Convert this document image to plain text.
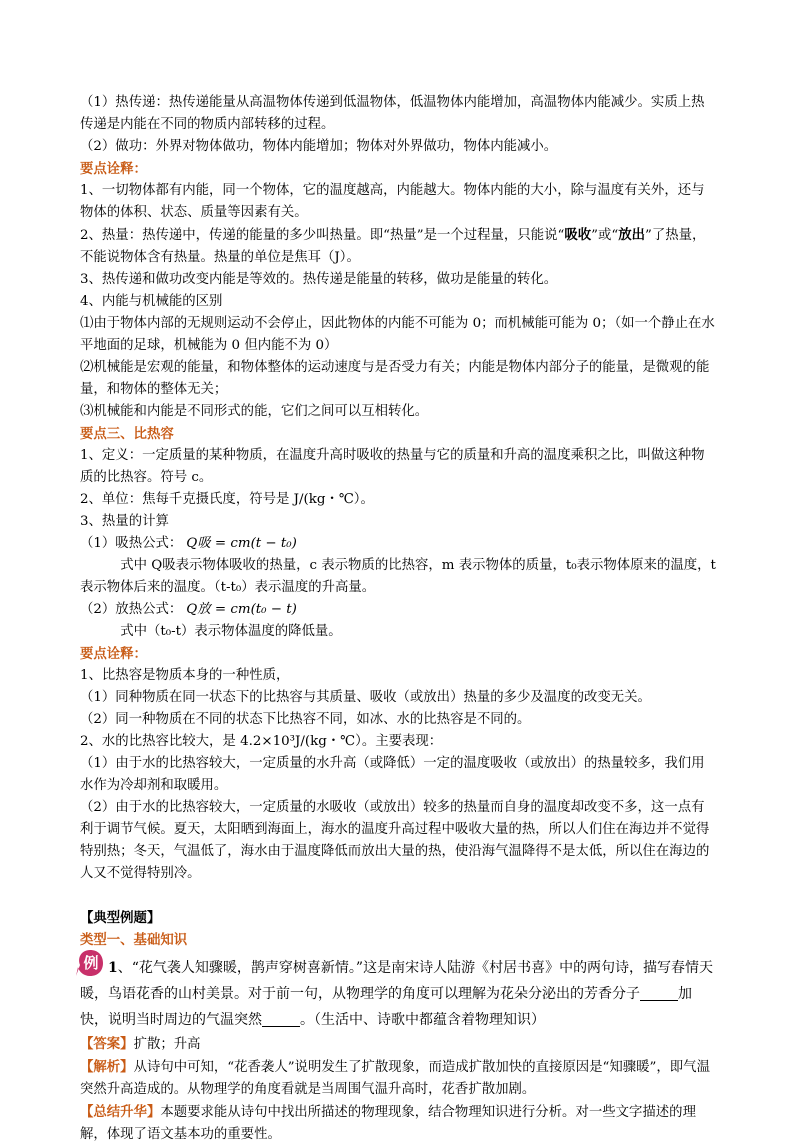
（1）热传递：热传递能量从高温物体传递到低温物体，低温物体内能增加，高温物体内能减少。实质上热传递是内能在不同的物质内部转移的过程。

（2）做功：外界对物体做功，物体内能增加；物体对外界做功，物体内能减小。

要点诠释：

1、一切物体都有内能，同一个物体，它的温度越高，内能越大。物体内能的大小，除与温度有关外，还与物体的体积、状态、质量等因素有关。

2、热量：热传递中，传递的能量的多少叫热量。即“热量”是一个过程量，只能说“吸收”或“放出”了热量，不能说物体含有热量。热量的单位是焦耳（J）。

3、热传递和做功改变内能是等效的。热传递是能量的转移，做功是能量的转化。

4、内能与机械能的区别

⑴由于物体内部的无规则运动不会停止，因此物体的内能不可能为 0；而机械能可能为 0；（如一个静止在水平地面的足球，机械能为 0 但内能不为 0）

⑵机械能是宏观的能量，和物体整体的运动速度与是否受力有关；内能是物体内部分子的能量，是微观的能量，和物体的整体无关；

⑶机械能和内能是不同形式的能，它们之间可以互相转化。

要点三、比热容

1、定义：一定质量的某种物质，在温度升高时吸收的热量与它的质量和升高的温度乘积之比，叫做这种物质的比热容。符号 c。

2、单位：焦每千克摄氏度，符号是 J/(kg・℃）。

3、热量的计算

（1）吸热公式： Q吸 = cm(t − t₀)

式中 Q吸表示物体吸收的热量，c 表示物质的比热容，m 表示物体的质量，t₀表示物体原来的温度，t 表示物体后来的温度。（t-t₀）表示温度的升高量。

（2）放热公式： Q放 = cm(t₀ − t)

式中（t₀-t）表示物体温度的降低量。

要点诠释：

1、比热容是物质本身的一种性质，

（1）同种物质在同一状态下的比热容与其质量、吸收（或放出）热量的多少及温度的改变无关。

（2）同一种物质在不同的状态下比热容不同，如冰、水的比热容是不同的。

2、水的比热容比较大，是 4.2×10³J/(kg・℃）。主要表现：

（1）由于水的比热容较大，一定质量的水升高（或降低）一定的温度吸收（或放出）的热量较多，我们用水作为冷却剂和取暖用。

（2）由于水的比热容较大，一定质量的水吸收（或放出）较多的热量而自身的温度却改变不多，这一点有利于调节气候。夏天，太阳晒到海面上，海水的温度升高过程中吸收大量的热，所以人们住在海边并不觉得特别热；冬天，气温低了，海水由于温度降低而放出大量的热，使沿海气温降得不是太低，所以住在海边的人又不觉得特别冷。

【典型例题】

类型一、基础知识

例 1、“花气袭人知骤暖，鹊声穿树喜新情。”这是南宋诗人陆游《村居书喜》中的两句诗，描写春情天暖，鸟语花香的山村美景。对于前一句，从物理学的角度可以理解为花朵分泌出的芳香分子	加快，说明当时周边的气温突然	。（生活中、诗歌中都蕴含着物理知识）

【答案】扩散；升高

【解析】从诗句中可知，“花香袭人”说明发生了扩散现象，而造成扩散加快的直接原因是“知骤暖”，即气温突然升高造成的。从物理学的角度看就是当周围气温升高时，花香扩散加剧。

【总结升华】本题要求能从诗句中找出所描述的物理现象，结合物理知识进行分析。对一些文字描述的理解，体现了语文基本功的重要性。
